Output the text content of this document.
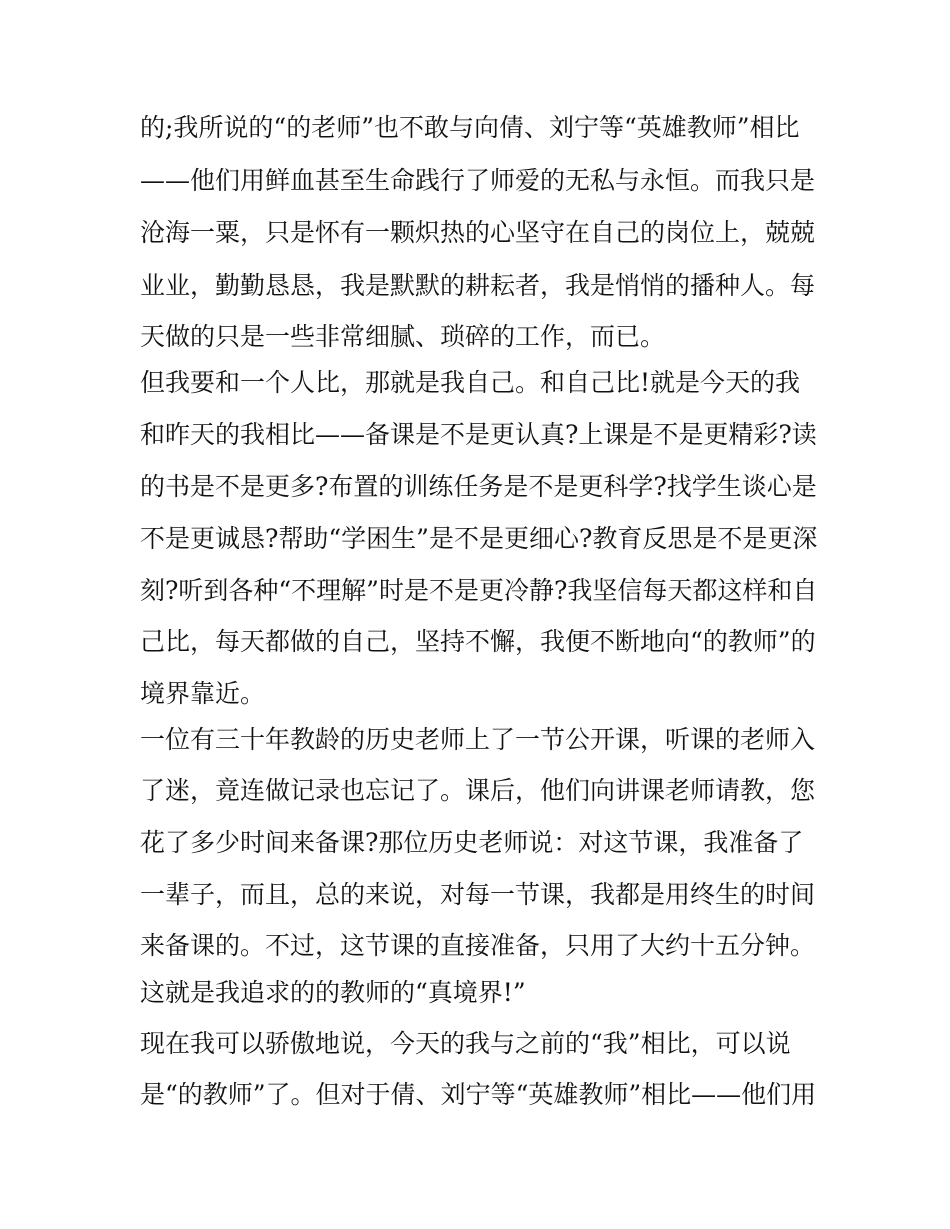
的;我所说的“的老师”也不敢与向倩、刘宁等“英雄教师”相比
——他们用鲜血甚至生命践行了师爱的无私与永恒。而我只是
沧海一粟，只是怀有一颗炽热的心坚守在自己的岗位上，兢兢
业业，勤勤恳恳，我是默默的耕耘者，我是悄悄的播种人。每
天做的只是一些非常细腻、琐碎的工作，而已。
但我要和一个人比，那就是我自己。和自己比!就是今天的我
和昨天的我相比——备课是不是更认真?上课是不是更精彩?读
的书是不是更多?布置的训练任务是不是更科学?找学生谈心是
不是更诚恳?帮助“学困生”是不是更细心?教育反思是不是更深
刻?听到各种“不理解”时是不是更冷静?我坚信每天都这样和自
己比，每天都做的自己，坚持不懈，我便不断地向“的教师”的
境界靠近。
一位有三十年教龄的历史老师上了一节公开课，听课的老师入
了迷，竟连做记录也忘记了。课后，他们向讲课老师请教，您
花了多少时间来备课?那位历史老师说：对这节课，我准备了
一辈子，而且，总的来说，对每一节课，我都是用终生的时间
来备课的。不过，这节课的直接准备，只用了大约十五分钟。
这就是我追求的的教师的“真境界!”
现在我可以骄傲地说，今天的我与之前的“我”相比，可以说
是“的教师”了。但对于倩、刘宁等“英雄教师”相比——他们用
